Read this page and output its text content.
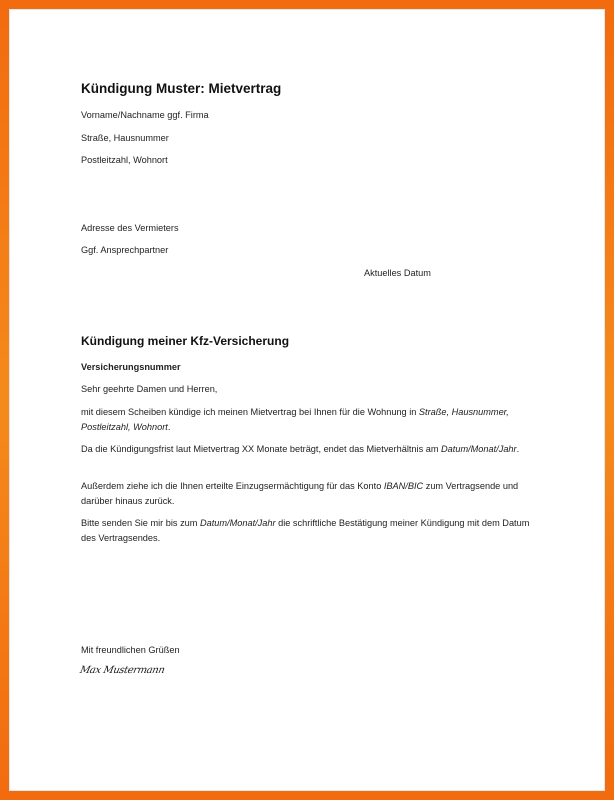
Kündigung Muster: Mietvertrag
Vorname/Nachname ggf. Firma
Straße, Hausnummer
Postleitzahl, Wohnort
Adresse des Vermieters
Ggf. Ansprechpartner
Aktuelles Datum
Kündigung meiner Kfz-Versicherung
Versicherungsnummer
Sehr geehrte Damen und Herren,
mit diesem Scheiben kündige ich meinen Mietvertrag bei Ihnen für die Wohnung in Straße, Hausnummer, Postleitzahl, Wohnort.
Da die Kündigungsfrist laut Mietvertrag XX Monate beträgt, endet das Mietverhältnis am Datum/Monat/Jahr.
Außerdem ziehe ich die Ihnen erteilte Einzugsermächtigung für das Konto IBAN/BIC zum Vertragsende und darüber hinaus zurück.
Bitte senden Sie mir bis zum Datum/Monat/Jahr die schriftliche Bestätigung meiner Kündigung mit dem Datum des Vertragsendes.
Mit freundlichen Grüßen
Max Mustermann
